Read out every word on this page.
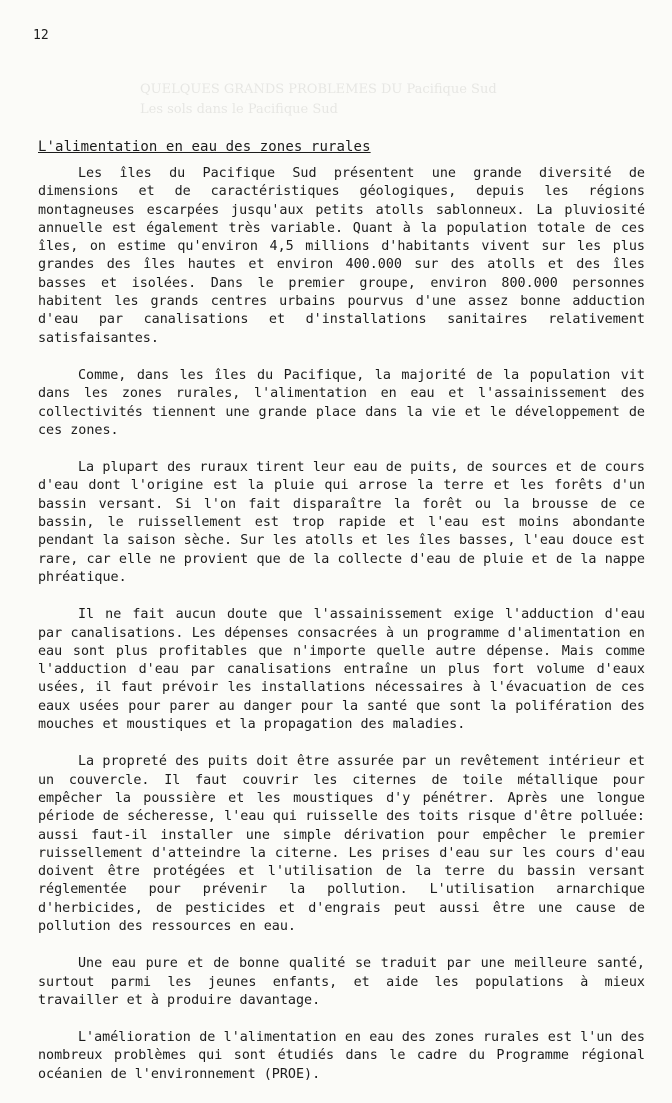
12
QUELQUES GRANDS PROBLEMES DU Pacifique Sud
Les sols dans le Pacifique Sud
L'alimentation en eau des zones rurales

Les îles du Pacifique Sud présentent une grande diversité de dimensions et de caractéristiques géologiques, depuis les régions montagneuses escarpées jusqu'aux petits atolls sablonneux. La pluviosité annuelle est également très variable. Quant à la population totale de ces îles, on estime qu'environ 4,5 millions d'habitants vivent sur les plus grandes des îles hautes et environ 400.000 sur des atolls et des îles basses et isolées. Dans le premier groupe, environ 800.000 personnes habitent les grands centres urbains pourvus d'une assez bonne adduction d'eau par canalisations et d'installations sanitaires relativement satisfaisantes.

Comme, dans les îles du Pacifique, la majorité de la population vit dans les zones rurales, l'alimentation en eau et l'assainissement des collectivités tiennent une grande place dans la vie et le développement de ces zones.

La plupart des ruraux tirent leur eau de puits, de sources et de cours d'eau dont l'origine est la pluie qui arrose la terre et les forêts d'un bassin versant. Si l'on fait disparaître la forêt ou la brousse de ce bassin, le ruissellement est trop rapide et l'eau est moins abondante pendant la saison sèche. Sur les atolls et les îles basses, l'eau douce est rare, car elle ne provient que de la collecte d'eau de pluie et de la nappe phréatique.

Il ne fait aucun doute que l'assainissement exige l'adduction d'eau par canalisations. Les dépenses consacrées à un programme d'alimentation en eau sont plus profitables que n'importe quelle autre dépense. Mais comme l'adduction d'eau par canalisations entraîne un plus fort volume d'eaux usées, il faut prévoir les installations nécessaires à l'évacuation de ces eaux usées pour parer au danger pour la santé que sont la polifération des mouches et moustiques et la propagation des maladies.

La propreté des puits doit être assurée par un revêtement intérieur et un couvercle. Il faut couvrir les citernes de toile métallique pour empêcher la poussière et les moustiques d'y pénétrer. Après une longue période de sécheresse, l'eau qui ruisselle des toits risque d'être polluée: aussi faut-il installer une simple dérivation pour empêcher le premier ruissellement d'atteindre la citerne. Les prises d'eau sur les cours d'eau doivent être protégées et l'utilisation de la terre du bassin versant réglementée pour prévenir la pollution. L'utilisation arnarchique d'herbicides, de pesticides et d'engrais peut aussi être une cause de pollution des ressources en eau.

Une eau pure et de bonne qualité se traduit par une meilleure santé, surtout parmi les jeunes enfants, et aide les populations à mieux travailler et à produire davantage.

L'amélioration de l'alimentation en eau des zones rurales est l'un des nombreux problèmes qui sont étudiés dans le cadre du Programme régional océanien de l'environnement (PROE).
